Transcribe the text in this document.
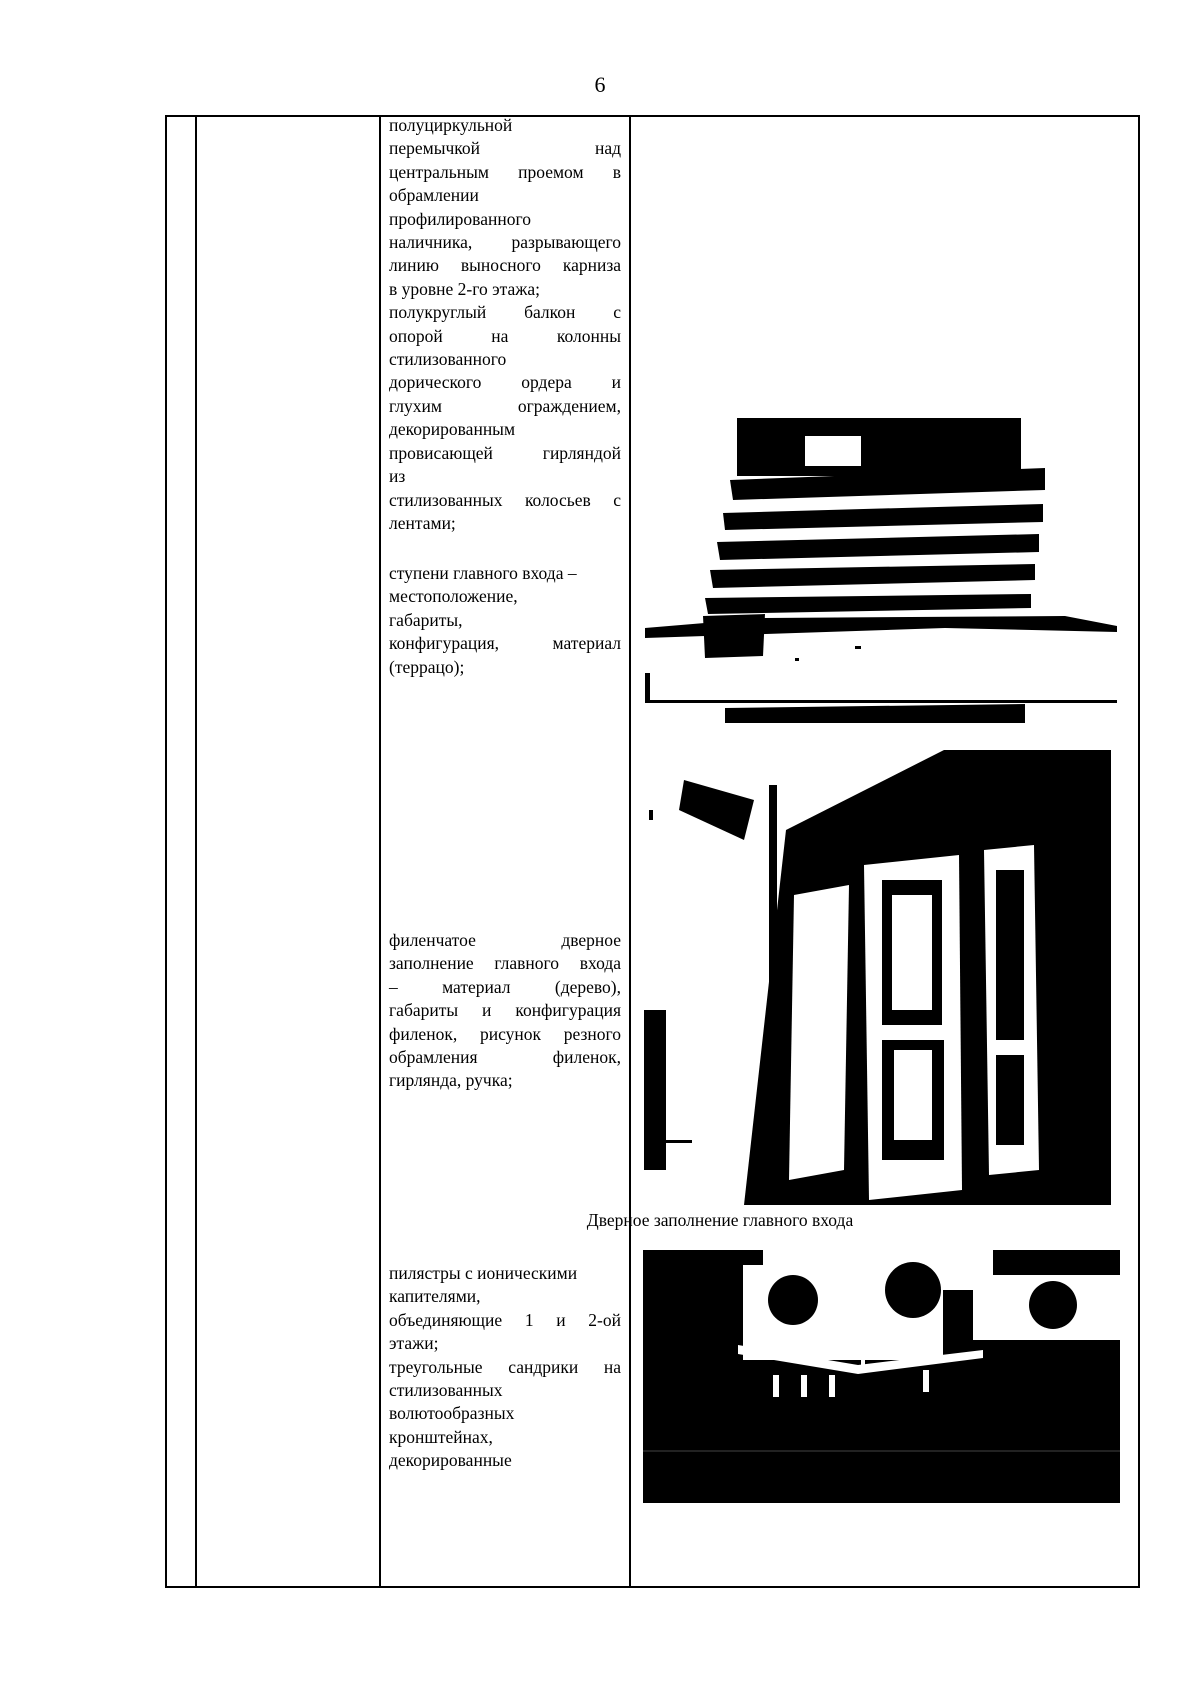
6
полуциркульной
перемычкой над
центральным проемом в
обрамлении
профилированного
наличника, разрывающего
линию выносного карниза
в уровне 2-го этажа;
полукруглый балкон с
опорой на колонны
стилизованного
дорического ордера и
глухим ограждением,
декорированным
провисающей гирляндой
из
стилизованных колосьев с
лентами;
ступени главного входа –
местоположение,
габариты,
конфигурация, материал
(террацо);
филенчатое дверное
заполнение главного входа
– материал (дерево),
габариты и конфигурация
филенок, рисунок резного
обрамления филенок,
гирлянда, ручка;
пилястры с ионическими
капителями,
объединяющие 1 и 2-ой
этажи;
треугольные сандрики на
стилизованных
волютообразных
кронштейнах,
декорированные
Дверное заполнение главного входа
